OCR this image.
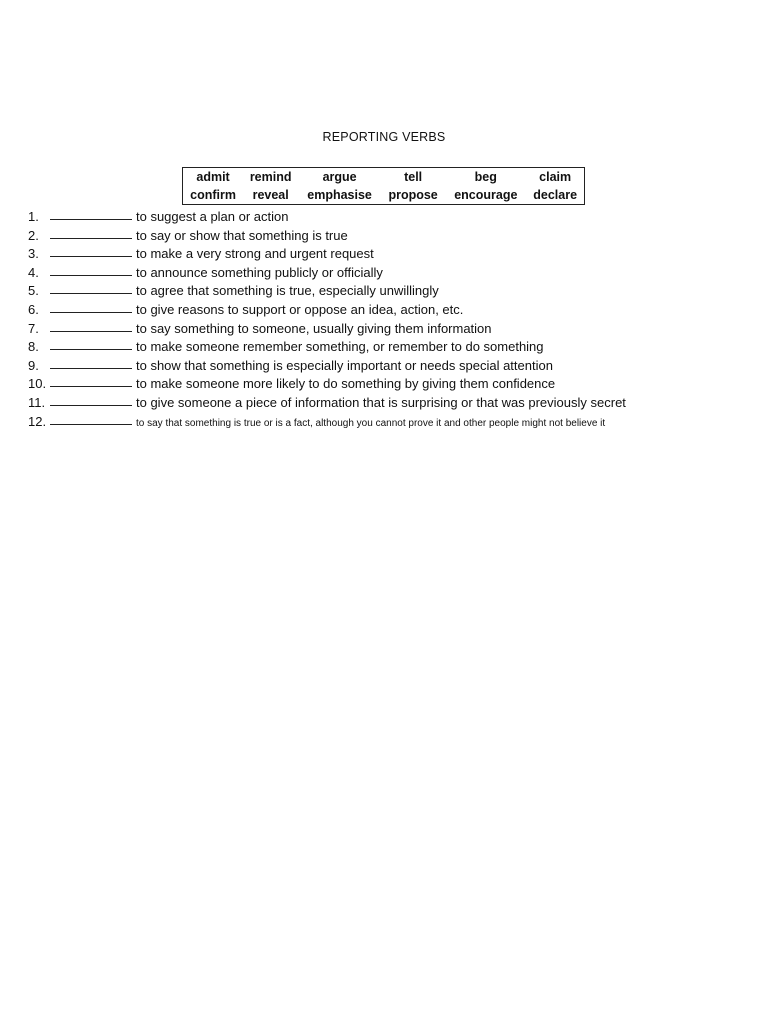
REPORTING VERBS
admit	remind	argue	tell	beg	claim
confirm	reveal	emphasise	propose	encourage	declare
1.	to suggest a plan or action
2.	to say or show that something is true
3.	to make a very strong and urgent request
4.	to announce something publicly or officially
5.	to agree that something is true, especially unwillingly
6.	to give reasons to support or oppose an idea, action, etc.
7.	to say something to someone, usually giving them information
8.	to make someone remember something, or remember to do something
9.	to show that something is especially important or needs special attention
10.	to make someone more likely to do something by giving them confidence
11.	to give someone a piece of information that is surprising or that was previously secret
12.	to say that something is true or is a fact, although you cannot prove it and other people might not believe it
